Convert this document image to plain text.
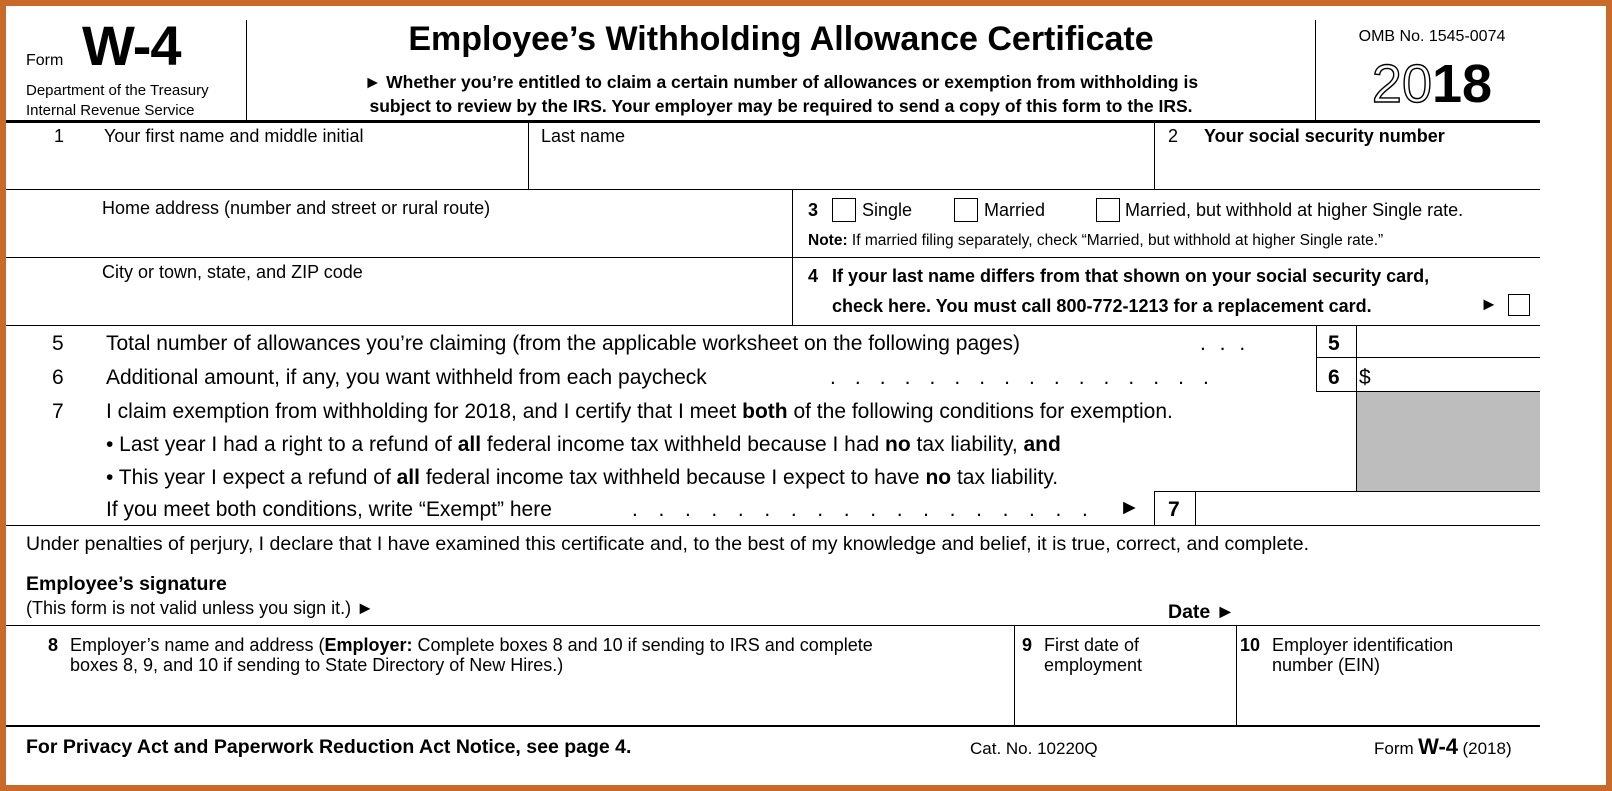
Form W-4
Department of the Treasury
Internal Revenue Service
Employee’s Withholding Allowance Certificate
► Whether you’re entitled to claim a certain number of allowances or exemption from withholding is
subject to review by the IRS. Your employer may be required to send a copy of this form to the IRS.
OMB No. 1545-0074
2018
1 Your first name and middle initial	Last name	2 Your social security number
Home address (number and street or rural route)	3 Single	Married	Married, but withhold at higher Single rate.
Note: If married filing separately, check “Married, but withhold at higher Single rate.”
City or town, state, and ZIP code	4 If your last name differs from that shown on your social security card,
check here. You must call 800-772-1213 for a replacement card.	►
5 Total number of allowances you’re claiming (from the applicable worksheet on the following pages)	. . .	5
6 Additional amount, if any, you want withheld from each paycheck	. . . . . . . . . . . . . . . .	6 $
7 I claim exemption from withholding for 2018, and I certify that I meet both of the following conditions for exemption.
• Last year I had a right to a refund of all federal income tax withheld because I had no tax liability, and
• This year I expect a refund of all federal income tax withheld because I expect to have no tax liability.
If you meet both conditions, write “Exempt” here	. . . . . . . . . . . . . . . . . . ► 7
Under penalties of perjury, I declare that I have examined this certificate and, to the best of my knowledge and belief, it is true, correct, and complete.
Employee’s signature
(This form is not valid unless you sign it.) ►	Date ►
8 Employer’s name and address (Employer: Complete boxes 8 and 10 if sending to IRS and complete
boxes 8, 9, and 10 if sending to State Directory of New Hires.)
9 First date of
employment
10 Employer identification
number (EIN)
For Privacy Act and Paperwork Reduction Act Notice, see page 4.	Cat. No. 10220Q	Form W-4 (2018)
